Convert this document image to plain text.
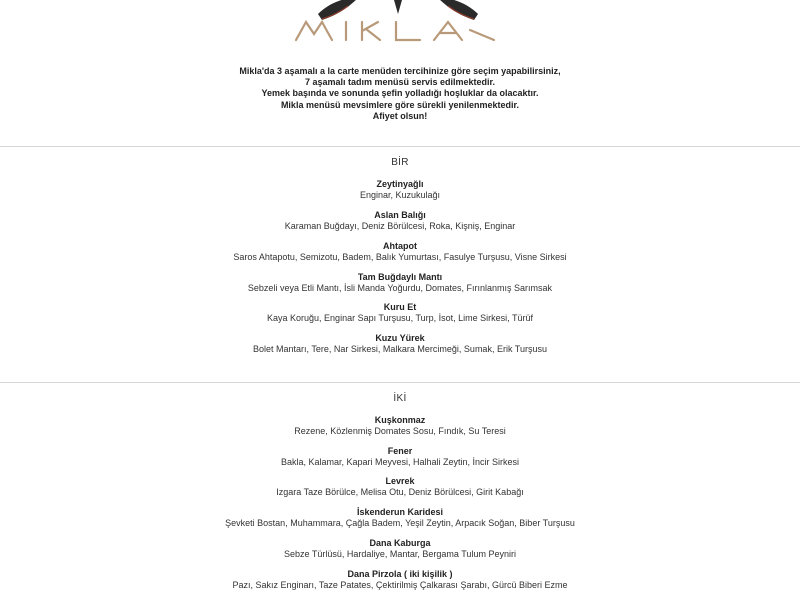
Mikla'da 3 aşamalı a la carte menüden tercihinize göre seçim yapabilirsiniz,
7 aşamalı tadım menüsü servis edilmektedir.
Yemek başında ve sonunda şefin yolladığı hoşluklar da olacaktır.
Mikla menüsü mevsimlere göre sürekli yenilenmektedir.
Afiyet olsun!
BİR
Zeytinyağlı
Enginar, Kuzukulağı
Aslan Balığı
Karaman Buğdayı, Deniz Börülcesi, Roka, Kişniş, Enginar
Ahtapot
Saros Ahtapotu, Semizotu, Badem, Balık Yumurtası, Fasulye Turşusu, Visne Sirkesi
Tam Buğdaylı Mantı
Sebzeli veya Etli Mantı, İsli Manda Yoğurdu, Domates, Fırınlanmış Sarımsak
Kuru Et
Kaya Koruğu, Enginar Sapı Turşusu, Turp, İsot, Lime Sirkesi, Türüf
Kuzu Yürek
Bolet Mantarı, Tere, Nar Sirkesi, Malkara Mercimeği, Sumak, Erik Turşusu
İKİ
Kuşkonmaz
Rezene, Közlenmiş Domates Sosu, Fındık, Su Teresi
Fener
Bakla, Kalamar, Kapari Meyvesi, Halhali Zeytin, İncir Sirkesi
Levrek
Izgara Taze Börülce, Melisa Otu, Deniz Börülcesi, Girit Kabağı
İskenderun Karidesi
Şevketi Bostan, Muhammara, Çağla Badem, Yeşil Zeytin, Arpacık Soğan, Biber Turşusu
Dana Kaburga
Sebze Türlüsü, Hardaliye, Mantar, Bergama Tulum Peyniri
Dana Pirzola ( iki kişilik )
Pazı, Sakız Enginarı, Taze Patates, Çektirilmiş Çalkarası Şarabı, Gürcü Biberi Ezme
